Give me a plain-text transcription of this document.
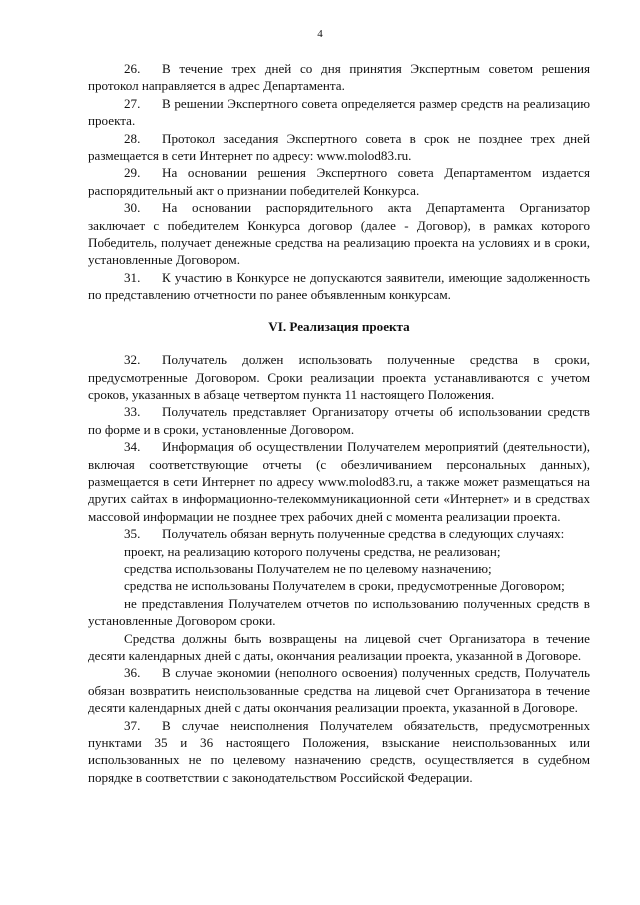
4

26. В течение трех дней со дня принятия Экспертным советом решения протокол направляется в адрес Департамента.

27. В решении Экспертного совета определяется размер средств на реализацию проекта.

28. Протокол заседания Экспертного совета в срок не позднее трех дней размещается в сети Интернет по адресу: www.molod83.ru.

29. На основании решения Экспертного совета Департаментом издается распорядительный акт о признании победителей Конкурса.

30. На основании распорядительного акта Департамента Организатор заключает с победителем Конкурса договор (далее - Договор), в рамках которого Победитель, получает денежные средства на реализацию проекта на условиях и в сроки, установленные Договором.

31. К участию в Конкурсе не допускаются заявители, имеющие задолженность по представлению отчетности по ранее объявленным конкурсам.

VI. Реализация проекта

32. Получатель должен использовать полученные средства в сроки, предусмотренные Договором. Сроки реализации проекта устанавливаются с учетом сроков, указанных в абзаце четвертом пункта 11 настоящего Положения.

33. Получатель представляет Организатору отчеты об использовании средств по форме и в сроки, установленные Договором.

34. Информация об осуществлении Получателем мероприятий (деятельности), включая соответствующие отчеты (с обезличиванием персональных данных), размещается в сети Интернет по адресу www.molod83.ru, а также может размещаться на других сайтах в информационно-телекоммуникационной сети «Интернет» и в средствах массовой информации не позднее трех рабочих дней с момента реализации проекта.

35. Получатель обязан вернуть полученные средства в следующих случаях:

проект, на реализацию которого получены средства, не реализован;

средства использованы Получателем не по целевому назначению;

средства не использованы Получателем в сроки, предусмотренные Договором;

не представления Получателем отчетов по использованию полученных средств в установленные Договором сроки.

Средства должны быть возвращены на лицевой счет Организатора в течение десяти календарных дней с даты, окончания реализации проекта, указанной в Договоре.

36. В случае экономии (неполного освоения) полученных средств, Получатель обязан возвратить неиспользованные средства на лицевой счет Организатора в течение десяти календарных дней с даты окончания реализации проекта, указанной в Договоре.

37. В случае неисполнения Получателем обязательств, предусмотренных пунктами 35 и 36 настоящего Положения, взыскание неиспользованных или использованных не по целевому назначению средств, осуществляется в судебном порядке в соответствии с законодательством Российской Федерации.
